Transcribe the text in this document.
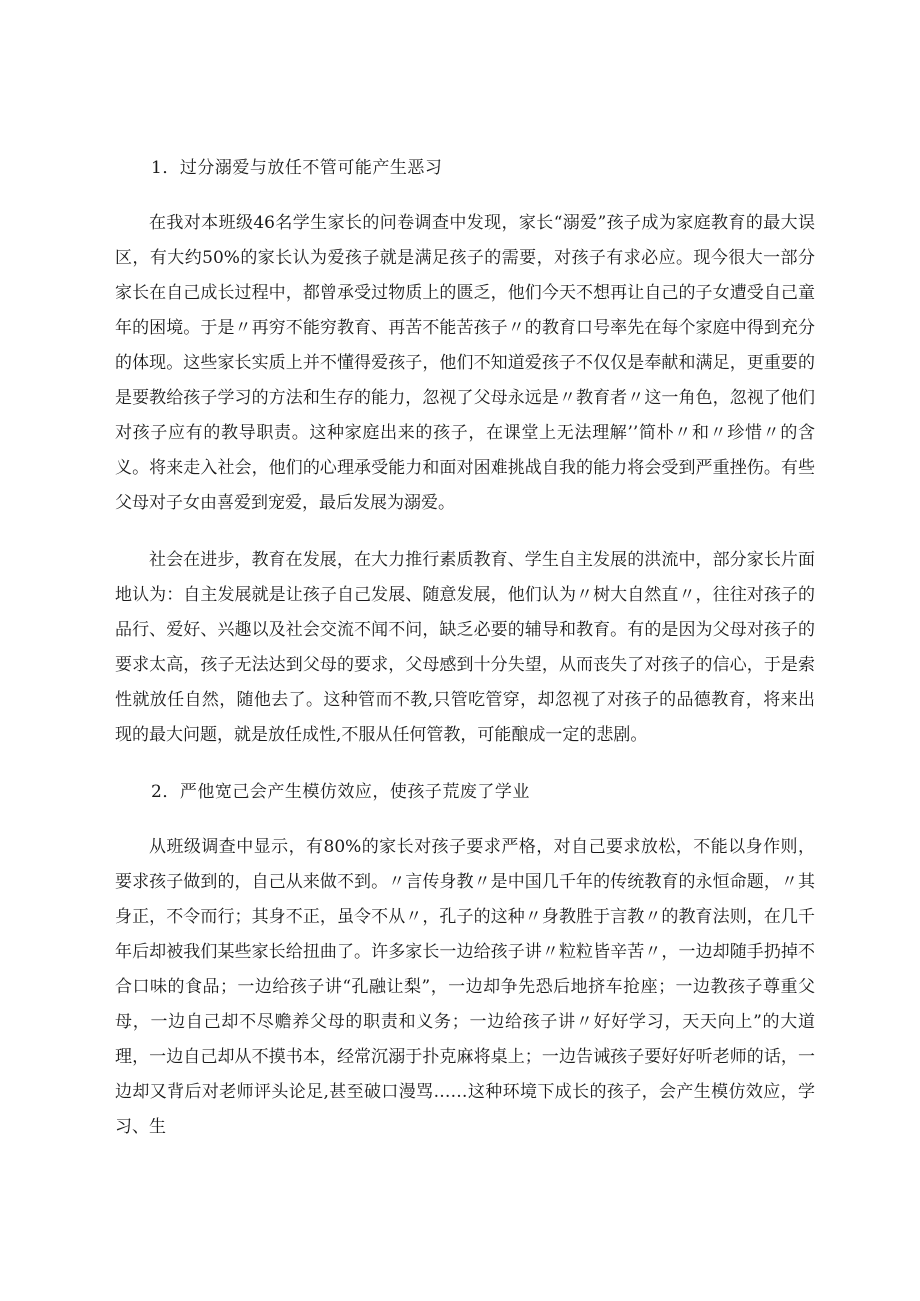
1．过分溺爱与放任不管可能产生恶习

在我对本班级46名学生家长的问卷调查中发现，家长“溺爱”孩子成为家庭教育的最大误区，有大约50%的家长认为爱孩子就是满足孩子的需要，对孩子有求必应。现今很大一部分家长在自己成长过程中，都曾承受过物质上的匮乏，他们今天不想再让自己的子女遭受自己童年的困境。于是〃再穷不能穷教育、再苦不能苦孩子〃的教育口号率先在每个家庭中得到充分的体现。这些家长实质上并不懂得爱孩子，他们不知道爱孩子不仅仅是奉献和满足，更重要的是要教给孩子学习的方法和生存的能力，忽视了父母永远是〃教育者〃这一角色，忽视了他们对孩子应有的教导职责。这种家庭出来的孩子，在课堂上无法理解’’简朴〃和〃珍惜〃的含义。将来走入社会，他们的心理承受能力和面对困难挑战自我的能力将会受到严重挫伤。有些父母对子女由喜爱到宠爱，最后发展为溺爱。

社会在进步，教育在发展，在大力推行素质教育、学生自主发展的洪流中，部分家长片面地认为：自主发展就是让孩子自己发展、随意发展，他们认为〃树大自然直〃，往往对孩子的品行、爱好、兴趣以及社会交流不闻不问，缺乏必要的辅导和教育。有的是因为父母对孩子的要求太高，孩子无法达到父母的要求，父母感到十分失望，从而丧失了对孩子的信心，于是索性就放任自然，随他去了。这种管而不教,只管吃管穿，却忽视了对孩子的品德教育，将来出现的最大问题，就是放任成性,不服从任何管教，可能酿成一定的悲剧。

2．严他宽己会产生模仿效应，使孩子荒废了学业

从班级调查中显示，有80%的家长对孩子要求严格，对自己要求放松，不能以身作则，要求孩子做到的，自己从来做不到。〃言传身教〃是中国几千年的传统教育的永恒命题，〃其身正，不令而行；其身不正，虽令不从〃，孔子的这种〃身教胜于言教〃的教育法则，在几千年后却被我们某些家长给扭曲了。许多家长一边给孩子讲〃粒粒皆辛苦〃，一边却随手扔掉不合口味的食品；一边给孩子讲“孔融让梨”，一边却争先恐后地挤车抢座；一边教孩子尊重父母，一边自己却不尽赡养父母的职责和义务；一边给孩子讲〃好好学习，天天向上”的大道理，一边自己却从不摸书本，经常沉溺于扑克麻将桌上；一边告诫孩子要好好听老师的话，一边却又背后对老师评头论足,甚至破口漫骂……这种环境下成长的孩子，会产生模仿效应，学习、生
